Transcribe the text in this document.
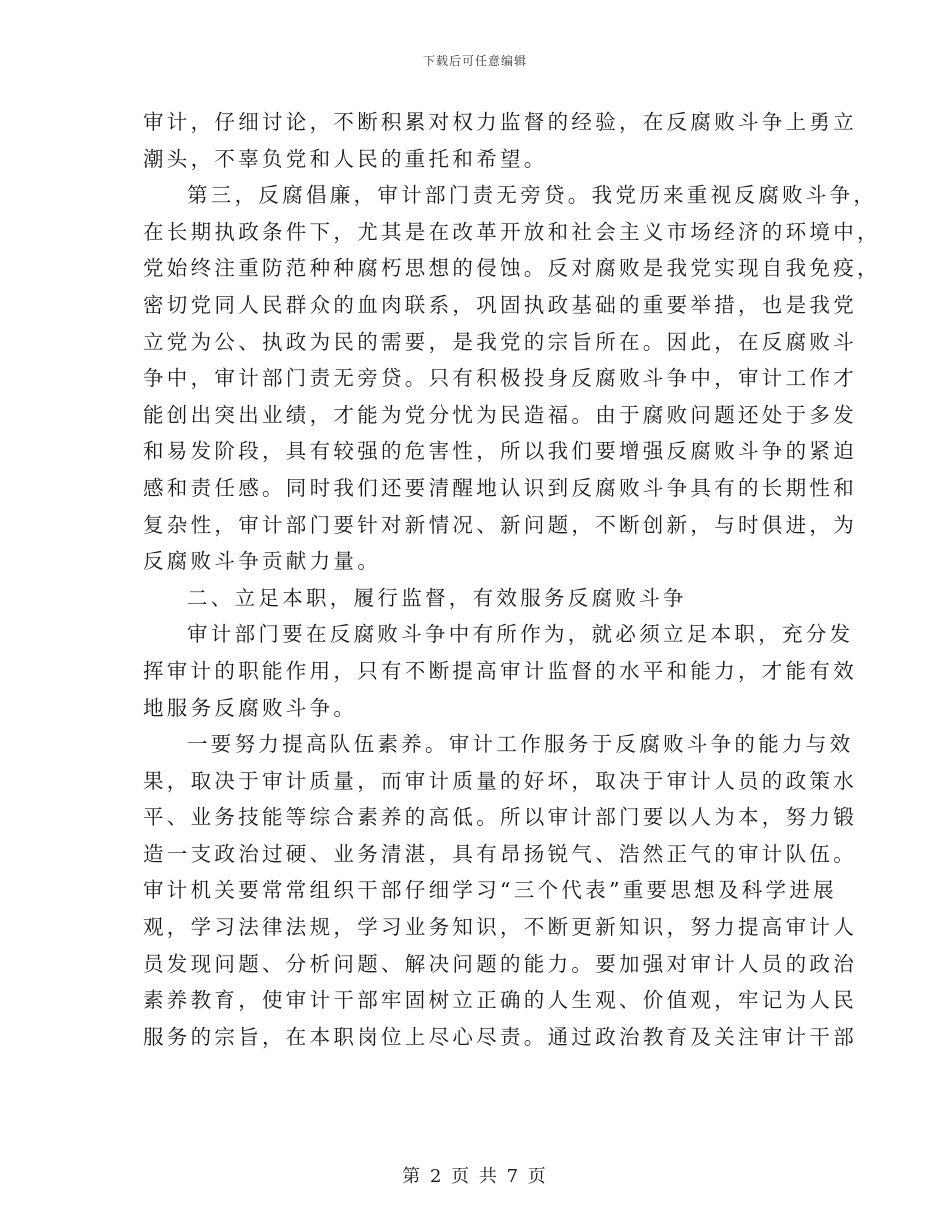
下载后可任意编辑
审计，仔细讨论，不断积累对权力监督的经验，在反腐败斗争上勇立
潮头，不辜负党和人民的重托和希望。
第三，反腐倡廉，审计部门责无旁贷。我党历来重视反腐败斗争，
在长期执政条件下，尤其是在改革开放和社会主义市场经济的环境中，
党始终注重防范种种腐朽思想的侵蚀。反对腐败是我党实现自我免疫，
密切党同人民群众的血肉联系，巩固执政基础的重要举措，也是我党
立党为公、执政为民的需要，是我党的宗旨所在。因此，在反腐败斗
争中，审计部门责无旁贷。只有积极投身反腐败斗争中，审计工作才
能创出突出业绩，才能为党分忧为民造福。由于腐败问题还处于多发
和易发阶段，具有较强的危害性，所以我们要增强反腐败斗争的紧迫
感和责任感。同时我们还要清醒地认识到反腐败斗争具有的长期性和
复杂性，审计部门要针对新情况、新问题，不断创新，与时俱进，为
反腐败斗争贡献力量。
二、立足本职，履行监督，有效服务反腐败斗争
审计部门要在反腐败斗争中有所作为，就必须立足本职，充分发
挥审计的职能作用，只有不断提高审计监督的水平和能力，才能有效
地服务反腐败斗争。
一要努力提高队伍素养。审计工作服务于反腐败斗争的能力与效
果，取决于审计质量，而审计质量的好坏，取决于审计人员的政策水
平、业务技能等综合素养的高低。所以审计部门要以人为本，努力锻
造一支政治过硬、业务清湛，具有昂扬锐气、浩然正气的审计队伍。
审计机关要常常组织干部仔细学习“三个代表”重要思想及科学进展
观，学习法律法规，学习业务知识，不断更新知识，努力提高审计人
员发现问题、分析问题、解决问题的能力。要加强对审计人员的政治
素养教育，使审计干部牢固树立正确的人生观、价值观，牢记为人民
服务的宗旨，在本职岗位上尽心尽责。通过政治教育及关注审计干部
第 2 页 共 7 页
